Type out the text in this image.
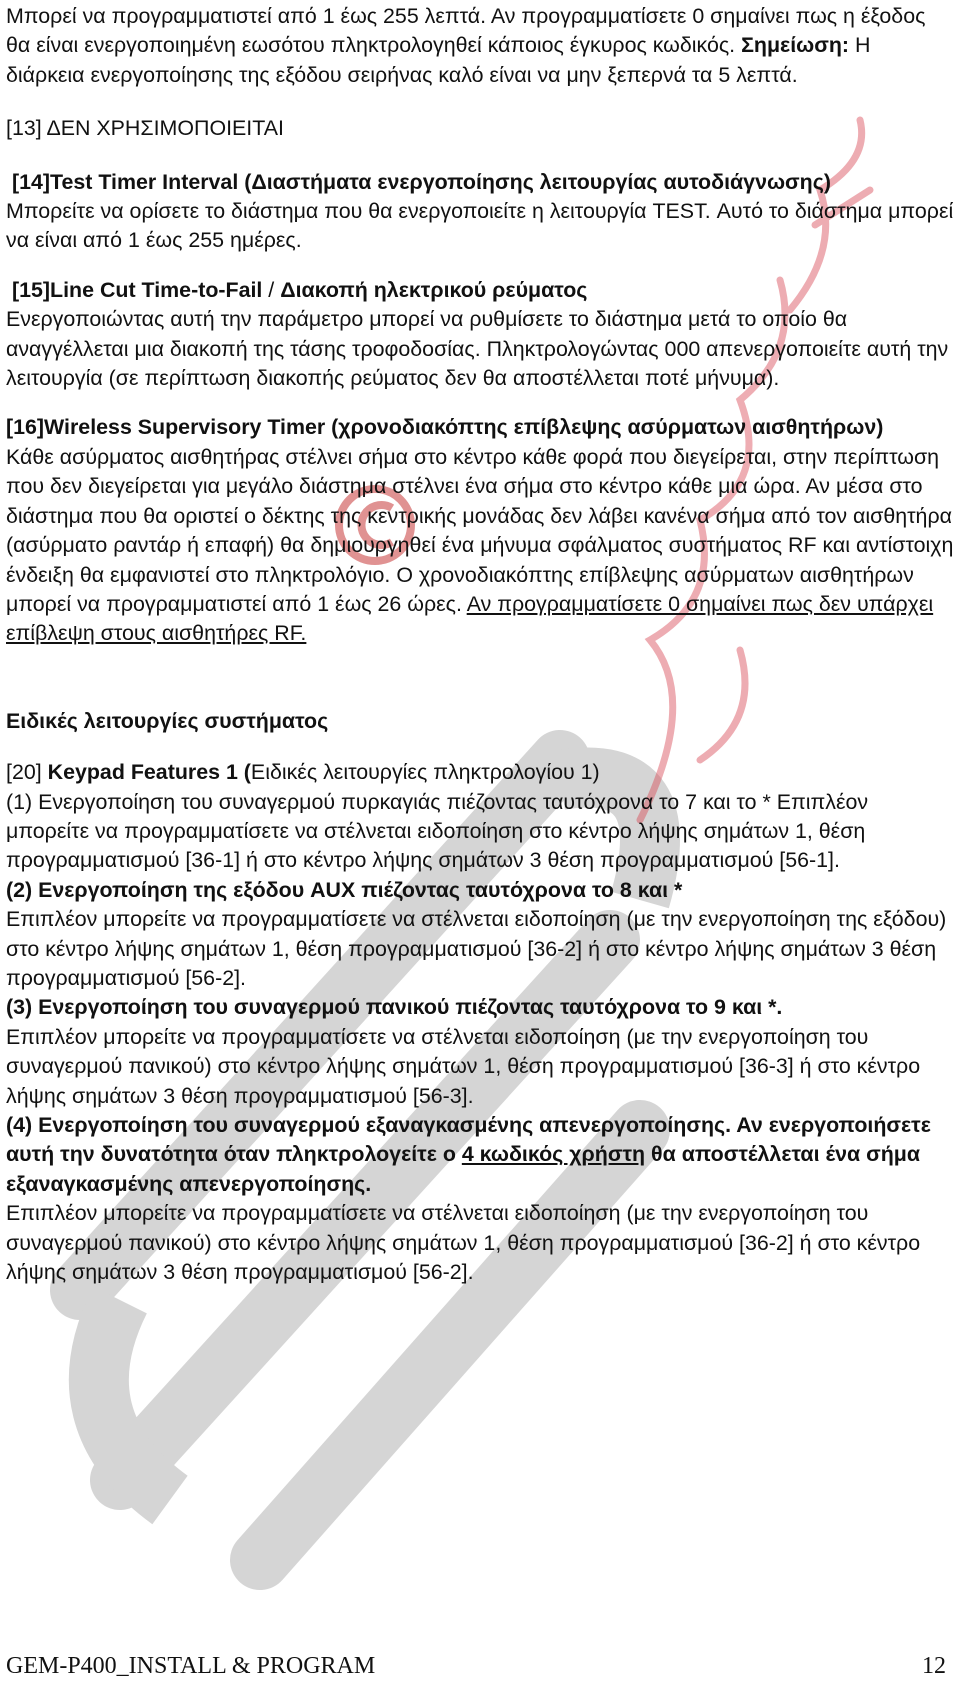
Μπορεί να προγραμματιστεί από 1 έως 255 λεπτά. Αν προγραμματίσετε 0 σημαίνει πως η έξοδος θα είναι ενεργοποιημένη εωσότου πληκτρολογηθεί κάποιος έγκυρος κωδικός. Σημείωση: Η διάρκεια ενεργοποίησης της εξόδου σειρήνας καλό είναι να μην ξεπερνά τα 5 λεπτά.

[13] ΔΕΝ ΧΡΗΣΙΜΟΠΟΙΕΙΤΑΙ

[14]Test Timer Interval (Διαστήματα ενεργοποίησης λειτουργίας αυτοδιάγνωσης)

Μπορείτε να ορίσετε το διάστημα που θα ενεργοποιείτε η λειτουργία TEST. Αυτό το διάστημα μπορεί να είναι από 1 έως 255 ημέρες.

[15]Line Cut Time-to-Fail / Διακοπή ηλεκτρικού ρεύματος

Ενεργοποιώντας αυτή την παράμετρο μπορεί να ρυθμίσετε το διάστημα μετά το οποίο θα αναγγέλλεται μια διακοπή της τάσης τροφοδοσίας. Πληκτρολογώντας 000 απενεργοποιείτε αυτή την λειτουργία (σε περίπτωση διακοπής ρεύματος δεν θα αποστέλλεται ποτέ μήνυμα).

[16]Wireless Supervisory Timer (χρονοδιακόπτης επίβλεψης ασύρματων αισθητήρων)

Κάθε ασύρματος αισθητήρας στέλνει σήμα στο κέντρο κάθε φορά που διεγείρεται, στην περίπτωση που δεν διεγείρεται για μεγάλο διάστημα στέλνει ένα σήμα στο κέντρο κάθε μια ώρα. Αν μέσα στο διάστημα που θα οριστεί ο δέκτης της κεντρικής μονάδας δεν λάβει κανένα σήμα από τον αισθητήρα (ασύρματο ραντάρ ή επαφή) θα δημιουργηθεί ένα μήνυμα σφάλματος συστήματος RF και αντίστοιχη ένδειξη θα εμφανιστεί στο πληκτρολόγιο. Ο χρονοδιακόπτης επίβλεψης ασύρματων αισθητήρων μπορεί να προγραμματιστεί από 1 έως 26 ώρες. Αν προγραμματίσετε 0 σημαίνει πως δεν υπάρχει επίβλεψη στους αισθητήρες RF.

Ειδικές λειτουργίες συστήματος

[20] Keypad Features 1 (Ειδικές λειτουργίες πληκτρολογίου 1)

(1) Ενεργοποίηση του συναγερμού πυρκαγιάς πιέζοντας ταυτόχρονα το 7 και το * Επιπλέον μπορείτε να προγραμματίσετε να στέλνεται ειδοποίηση στο κέντρο λήψης σημάτων 1, θέση προγραμματισμού [36-1] ή στο κέντρο λήψης σημάτων 3 θέση προγραμματισμού [56-1].

(2) Ενεργοποίηση της εξόδου AUX πιέζοντας ταυτόχρονα το 8 και *

Επιπλέον μπορείτε να προγραμματίσετε να στέλνεται ειδοποίηση (με την ενεργοποίηση της εξόδου) στο κέντρο λήψης σημάτων 1, θέση προγραμματισμού [36-2] ή στο κέντρο λήψης σημάτων 3 θέση προγραμματισμού [56-2].

(3) Ενεργοποίηση του συναγερμού πανικού πιέζοντας ταυτόχρονα το 9 και *.

Επιπλέον μπορείτε να προγραμματίσετε να στέλνεται ειδοποίηση (με την ενεργοποίηση του συναγερμού πανικού) στο κέντρο λήψης σημάτων 1, θέση προγραμματισμού [36-3] ή στο κέντρο λήψης σημάτων 3 θέση προγραμματισμού [56-3].

(4) Ενεργοποίηση του συναγερμού εξαναγκασμένης απενεργοποίησης. Αν ενεργοποιήσετε αυτή την δυνατότητα όταν πληκτρολογείτε ο 4 κωδικός χρήστη θα αποστέλλεται ένα σήμα εξαναγκασμένης απενεργοποίησης.

Επιπλέον μπορείτε να προγραμματίσετε να στέλνεται ειδοποίηση (με την ενεργοποίηση του συναγερμού πανικού) στο κέντρο λήψης σημάτων 1, θέση προγραμματισμού [36-2] ή στο κέντρο λήψης σημάτων 3 θέση προγραμματισμού [56-2].

GEM-P400_INSTALL & PROGRAM	12
